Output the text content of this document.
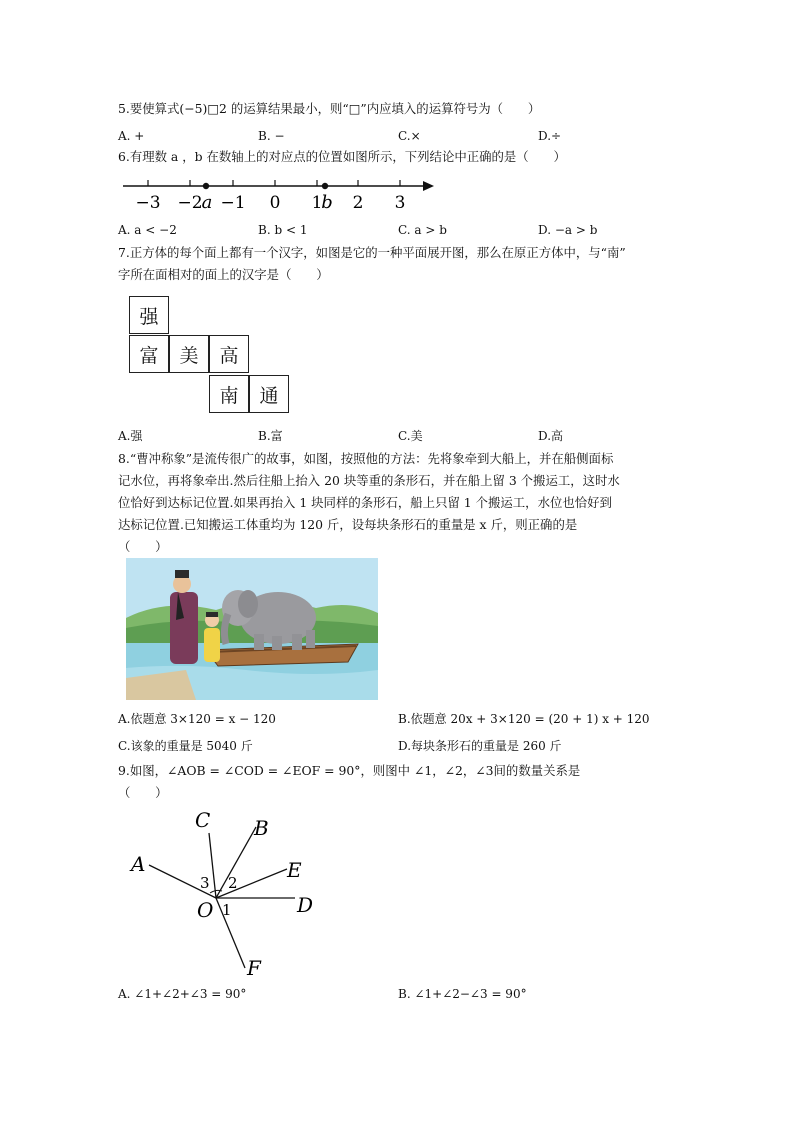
5.要使算式(−5)□2 的运算结果最小，则“□”内应填入的运算符号为（　　）
A. +	B. −	C.×	D.÷
6.有理数 a ，b 在数轴上的对应点的位置如图所示，下列结论中正确的是（　　）
−3 −2 a −1 0 1
b 2 3
A. a < −2	B. b < 1	C. a > b	D. −a > b
7.正方体的每个面上都有一个汉字，如图是它的一种平面展开图，那么在原正方体中，与“南”
字所在面相对的面上的汉字是（　　）
强
富	美	高
南	通
A.强	B.富	C.美	D.高
8.“曹冲称象”是流传很广的故事，如图，按照他的方法：先将象牵到大船上，并在船侧面标
记水位，再将象牵出.然后往船上抬入 20 块等重的条形石，并在船上留 3 个搬运工，这时水
位恰好到达标记位置.如果再抬入 1 块同样的条形石，船上只留 1 个搬运工，水位也恰好到
达标记位置.已知搬运工体重均为 120 斤，设每块条形石的重量是 x 斤，则正确的是
（　　）
A.依题意 3×120 = x − 120	B.依题意 20x + 3×120 = (20 + 1) x + 120
C.该象的重量是 5040 斤	D.每块条形石的重量是 260 斤
9.如图，∠AOB = ∠COD = ∠EOF = 90°，则图中 ∠1，∠2，∠3间的数量关系是
（　　）
C B
A	E
D
O
F
3 2
1
A. ∠1+∠2+∠3 = 90°	B. ∠1+∠2−∠3 = 90°
